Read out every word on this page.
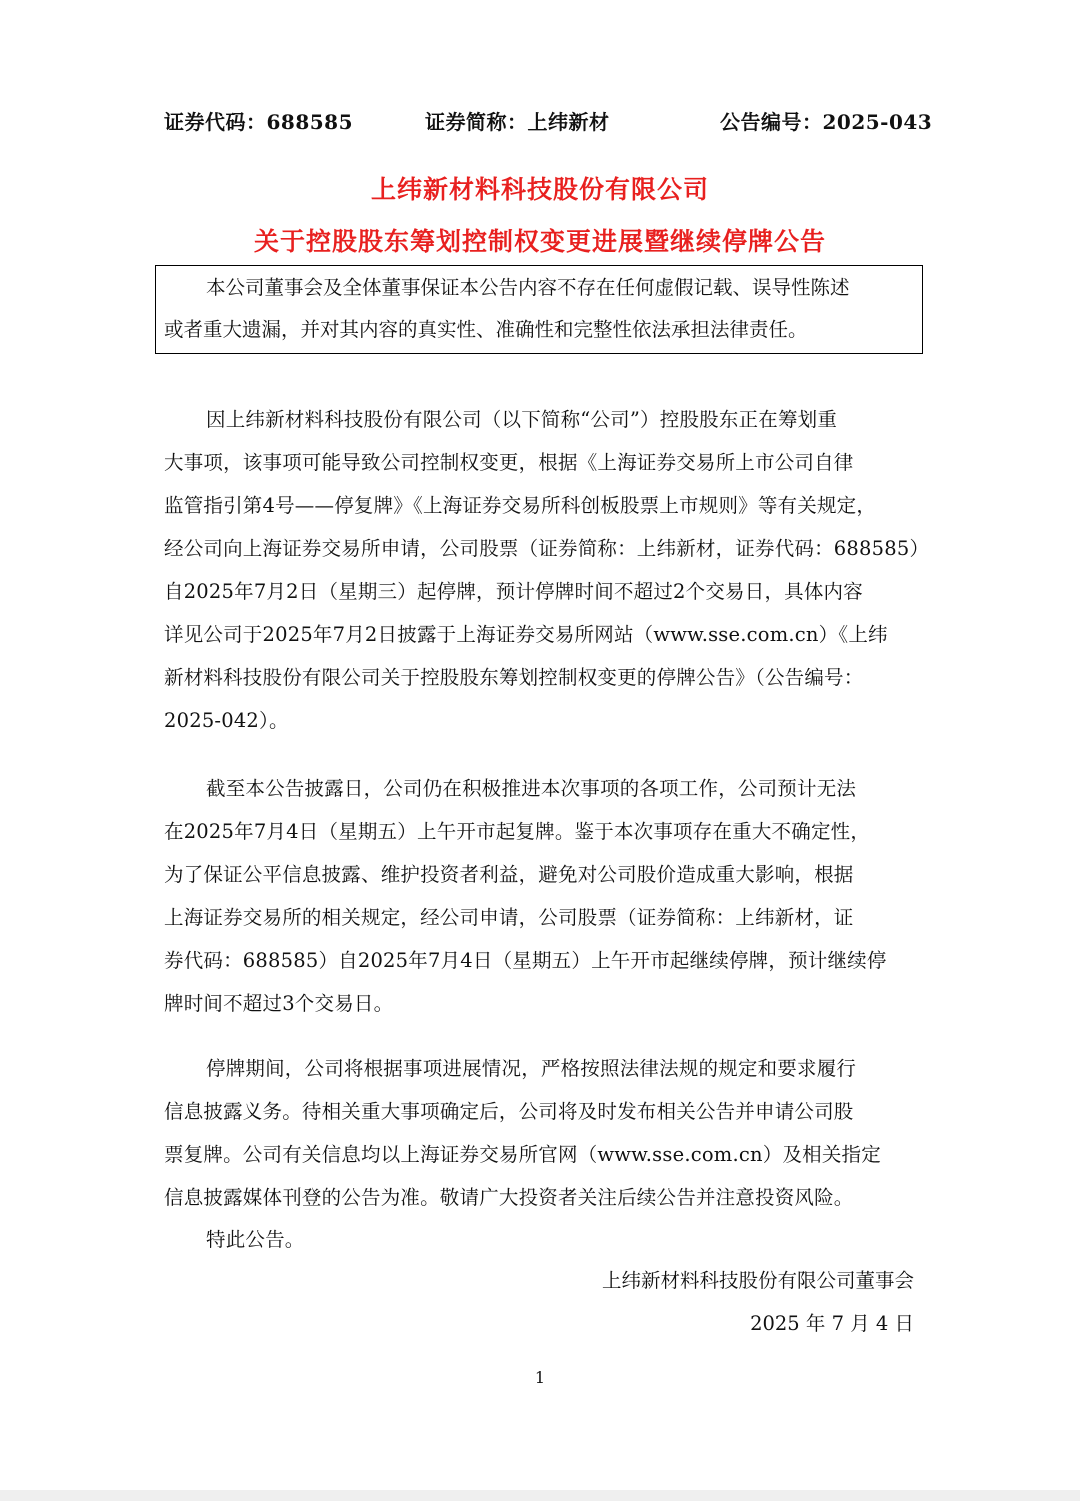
证券代码：688585	证券简称：上纬新材	公告编号：2025-043
上纬新材料科技股份有限公司
关于控股股东筹划控制权变更进展暨继续停牌公告
本公司董事会及全体董事保证本公告内容不存在任何虚假记载、误导性陈述
或者重大遗漏，并对其内容的真实性、准确性和完整性依法承担法律责任。
因上纬新材料科技股份有限公司（以下简称“公司”）控股股东正在筹划重
大事项，该事项可能导致公司控制权变更，根据《上海证券交易所上市公司自律
监管指引第4号——停复牌》《上海证券交易所科创板股票上市规则》等有关规定，
经公司向上海证券交易所申请，公司股票（证券简称：上纬新材，证券代码：688585）
自2025年7月2日（星期三）起停牌，预计停牌时间不超过2个交易日，具体内容
详见公司于2025年7月2日披露于上海证券交易所网站（www.sse.com.cn）《上纬
新材料科技股份有限公司关于控股股东筹划控制权变更的停牌公告》（公告编号：
2025-042）。
截至本公告披露日，公司仍在积极推进本次事项的各项工作，公司预计无法
在2025年7月4日（星期五）上午开市起复牌。鉴于本次事项存在重大不确定性，
为了保证公平信息披露、维护投资者利益，避免对公司股价造成重大影响，根据
上海证券交易所的相关规定，经公司申请，公司股票（证券简称：上纬新材，证
券代码：688585）自2025年7月4日（星期五）上午开市起继续停牌，预计继续停
牌时间不超过3个交易日。
停牌期间，公司将根据事项进展情况，严格按照法律法规的规定和要求履行
信息披露义务。待相关重大事项确定后，公司将及时发布相关公告并申请公司股
票复牌。公司有关信息均以上海证券交易所官网（www.sse.com.cn）及相关指定
信息披露媒体刊登的公告为准。敬请广大投资者关注后续公告并注意投资风险。
特此公告。
上纬新材料科技股份有限公司董事会
2025 年 7 月 4 日
1
